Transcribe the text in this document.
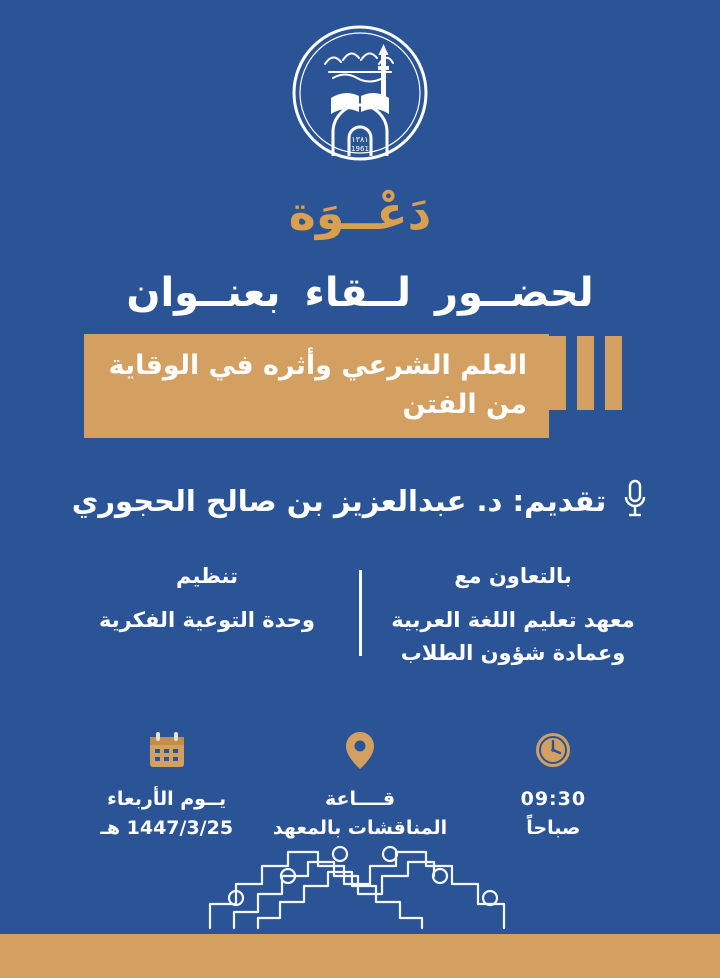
١٣٨١
1961
دَعْــوَة
لحضــور لــقاء بعنــوان
العلم الشرعي وأثره في الوقاية من الفتن
تقديم: د. عبدالعزيز بن صالح الحجوري
تنظيم
وحدة التوعية الفكرية
بالتعاون مع
معهد تعليم اللغة العربية وعمادة شؤون الطلاب
يــوم الأربعاء
1447/3/25 هـ
قــــاعة
المناقشات بالمعهد
09:30
صباحاً
